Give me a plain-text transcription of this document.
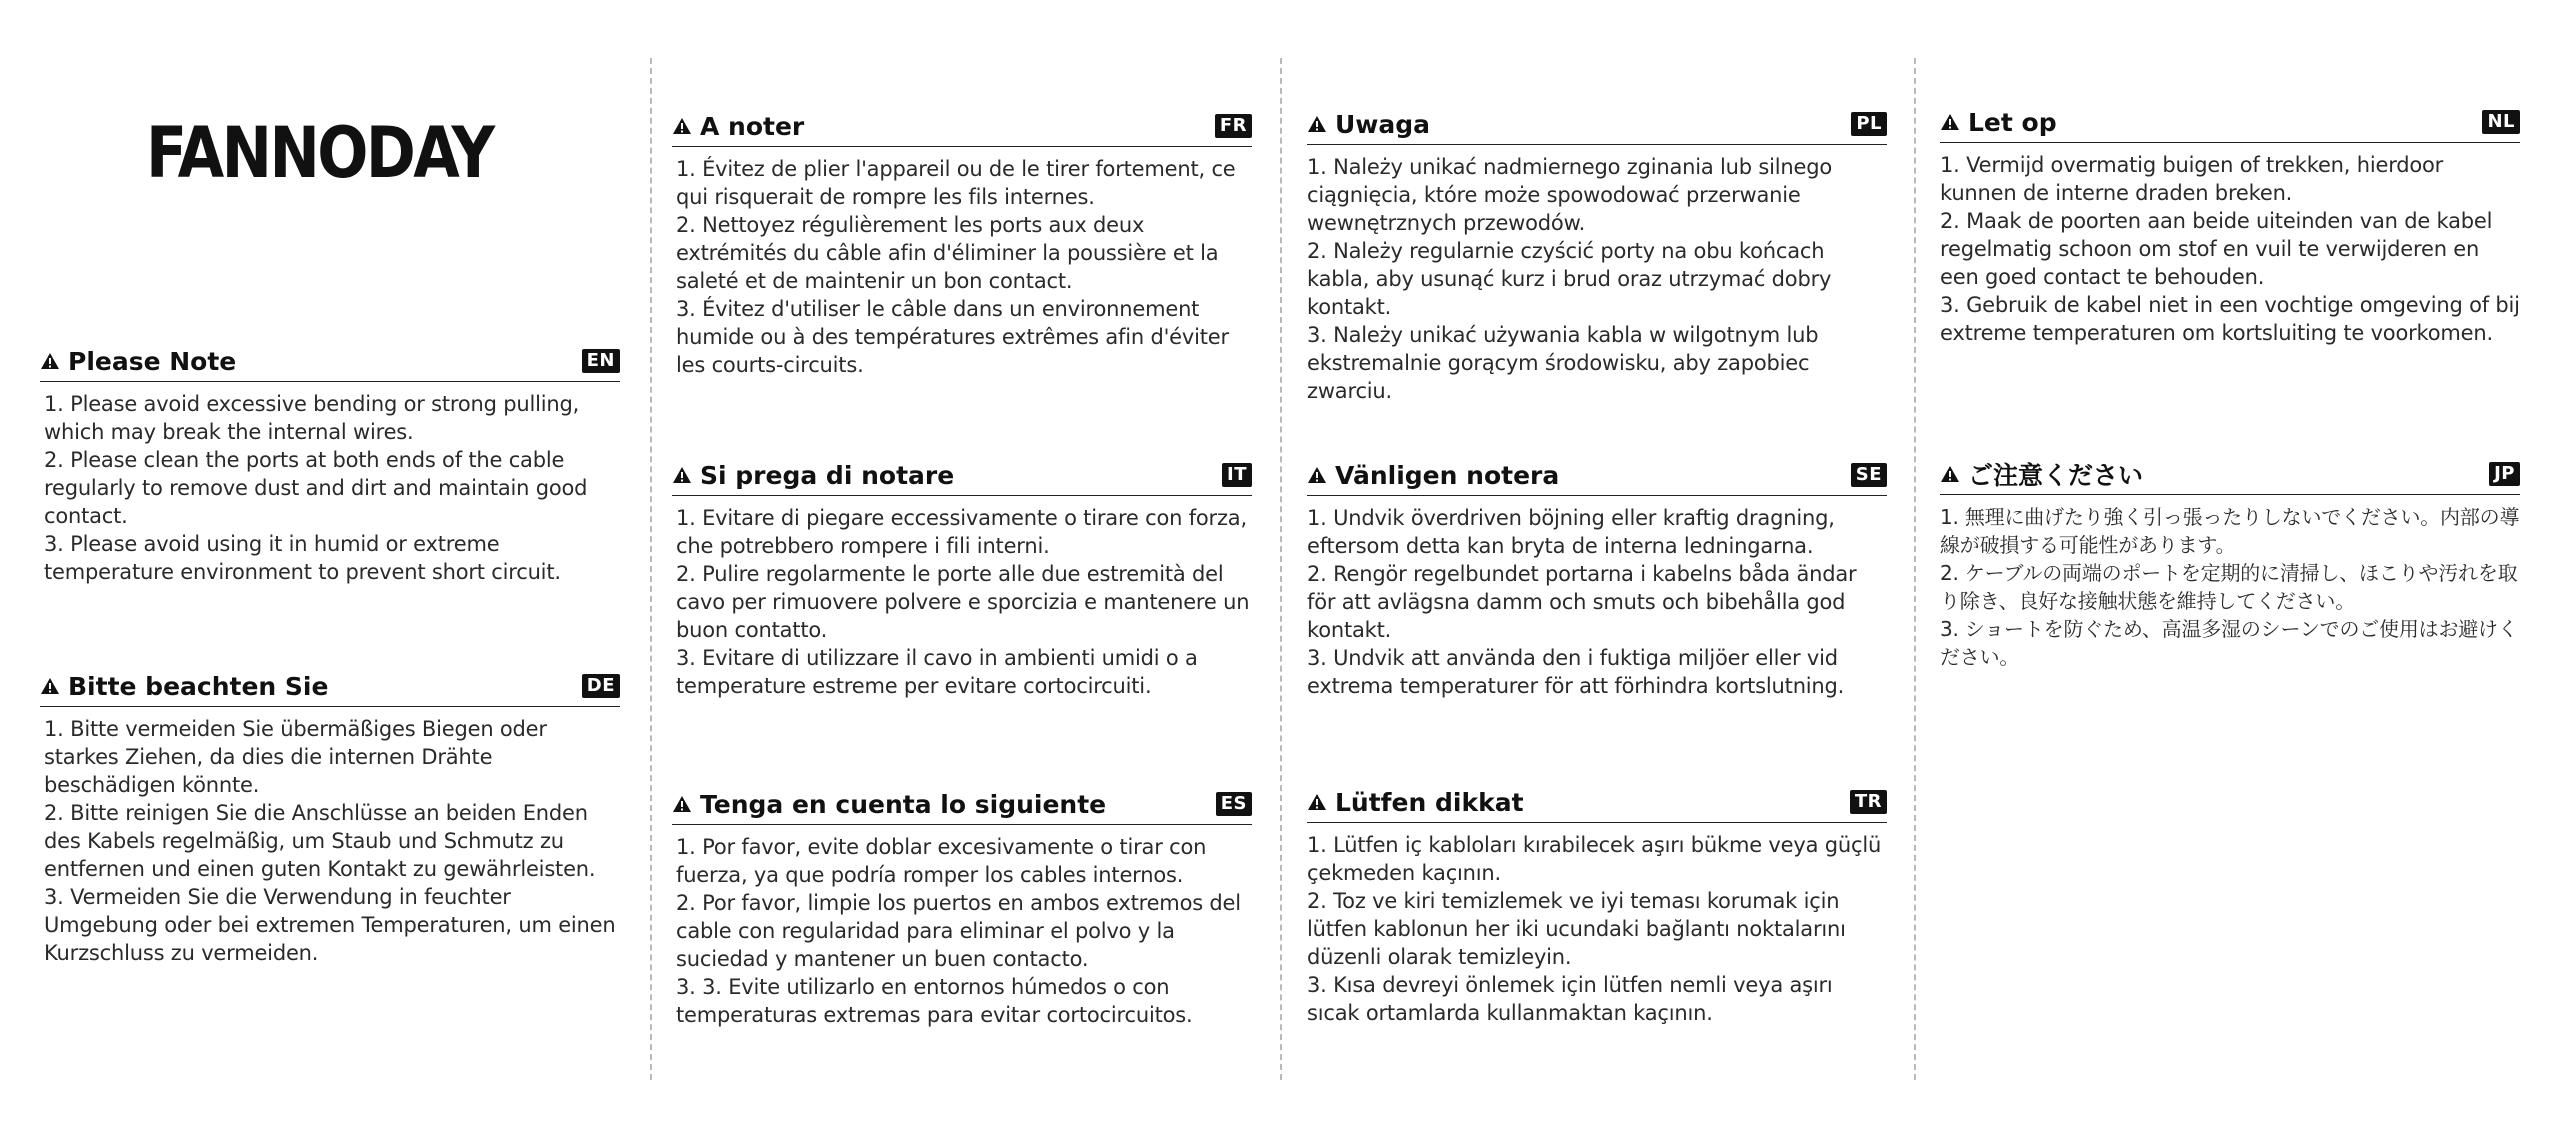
FANNODAY
Please Note	EN

1. Please avoid excessive bending or strong pulling, which may break the internal wires.

2. Please clean the ports at both ends of the cable regularly to remove dust and dirt and maintain good contact.

3. Please avoid using it in humid or extreme temperature environment to prevent short circuit.

Bitte beachten Sie	DE

1. Bitte vermeiden Sie übermäßiges Biegen oder starkes Ziehen, da dies die internen Drähte beschädigen könnte.

2. Bitte reinigen Sie die Anschlüsse an beiden Enden des Kabels regelmäßig, um Staub und Schmutz zu entfernen und einen guten Kontakt zu gewährleisten.

3. Vermeiden Sie die Verwendung in feuchter Umgebung oder bei extremen Temperaturen, um einen Kurzschluss zu vermeiden.

A noter	FR

1. Évitez de plier l'appareil ou de le tirer fortement, ce qui risquerait de rompre les fils internes.

2. Nettoyez régulièrement les ports aux deux extrémités du câble afin d'éliminer la poussière et la saleté et de maintenir un bon contact.

3. Évitez d'utiliser le câble dans un environnement humide ou à des températures extrêmes afin d'éviter les courts-circuits.

Si prega di notare	IT

1. Evitare di piegare eccessivamente o tirare con forza, che potrebbero rompere i fili interni.

2. Pulire regolarmente le porte alle due estremità del cavo per rimuovere polvere e sporcizia e mantenere un buon contatto.

3. Evitare di utilizzare il cavo in ambienti umidi o a temperature estreme per evitare cortocircuiti.

Tenga en cuenta lo siguiente	ES

1. Por favor, evite doblar excesivamente o tirar con fuerza, ya que podría romper los cables internos.

2. Por favor, limpie los puertos en ambos extremos del cable con regularidad para eliminar el polvo y la suciedad y mantener un buen contacto.

3. 3. Evite utilizarlo en entornos húmedos o con temperaturas extremas para evitar cortocircuitos.

Uwaga	PL

1. Należy unikać nadmiernego zginania lub silnego ciągnięcia, które może spowodować przerwanie wewnętrznych przewodów.

2. Należy regularnie czyścić porty na obu końcach kabla, aby usunąć kurz i brud oraz utrzymać dobry kontakt.

3. Należy unikać używania kabla w wilgotnym lub ekstremalnie gorącym środowisku, aby zapobiec zwarciu.

Vänligen notera	SE

1. Undvik överdriven böjning eller kraftig dragning, eftersom detta kan bryta de interna ledningarna.

2. Rengör regelbundet portarna i kabelns båda ändar för att avlägsna damm och smuts och bibehålla god kontakt.

3. Undvik att använda den i fuktiga miljöer eller vid extrema temperaturer för att förhindra kortslutning.

Lütfen dikkat	TR

1. Lütfen iç kabloları kırabilecek aşırı bükme veya güçlü çekmeden kaçının.

2. Toz ve kiri temizlemek ve iyi teması korumak için lütfen kablonun her iki ucundaki bağlantı noktalarını düzenli olarak temizleyin.

3. Kısa devreyi önlemek için lütfen nemli veya aşırı sıcak ortamlarda kullanmaktan kaçının.

Let op	NL

1. Vermijd overmatig buigen of trekken, hierdoor kunnen de interne draden breken.

2. Maak de poorten aan beide uiteinden van de kabel regelmatig schoon om stof en vuil te verwijderen en een goed contact te behouden.

3. Gebruik de kabel niet in een vochtige omgeving of bij extreme temperaturen om kortsluiting te voorkomen.

ご注意ください	JP

1. 無理に曲げたり強く引っ張ったりしないでください。内部の導線が破損する可能性があります。

2. ケーブルの両端のポートを定期的に清掃し、ほこりや汚れを取り除き、良好な接触状態を維持してください。

3. ショートを防ぐため、高温多湿のシーンでのご使用はお避けください。
